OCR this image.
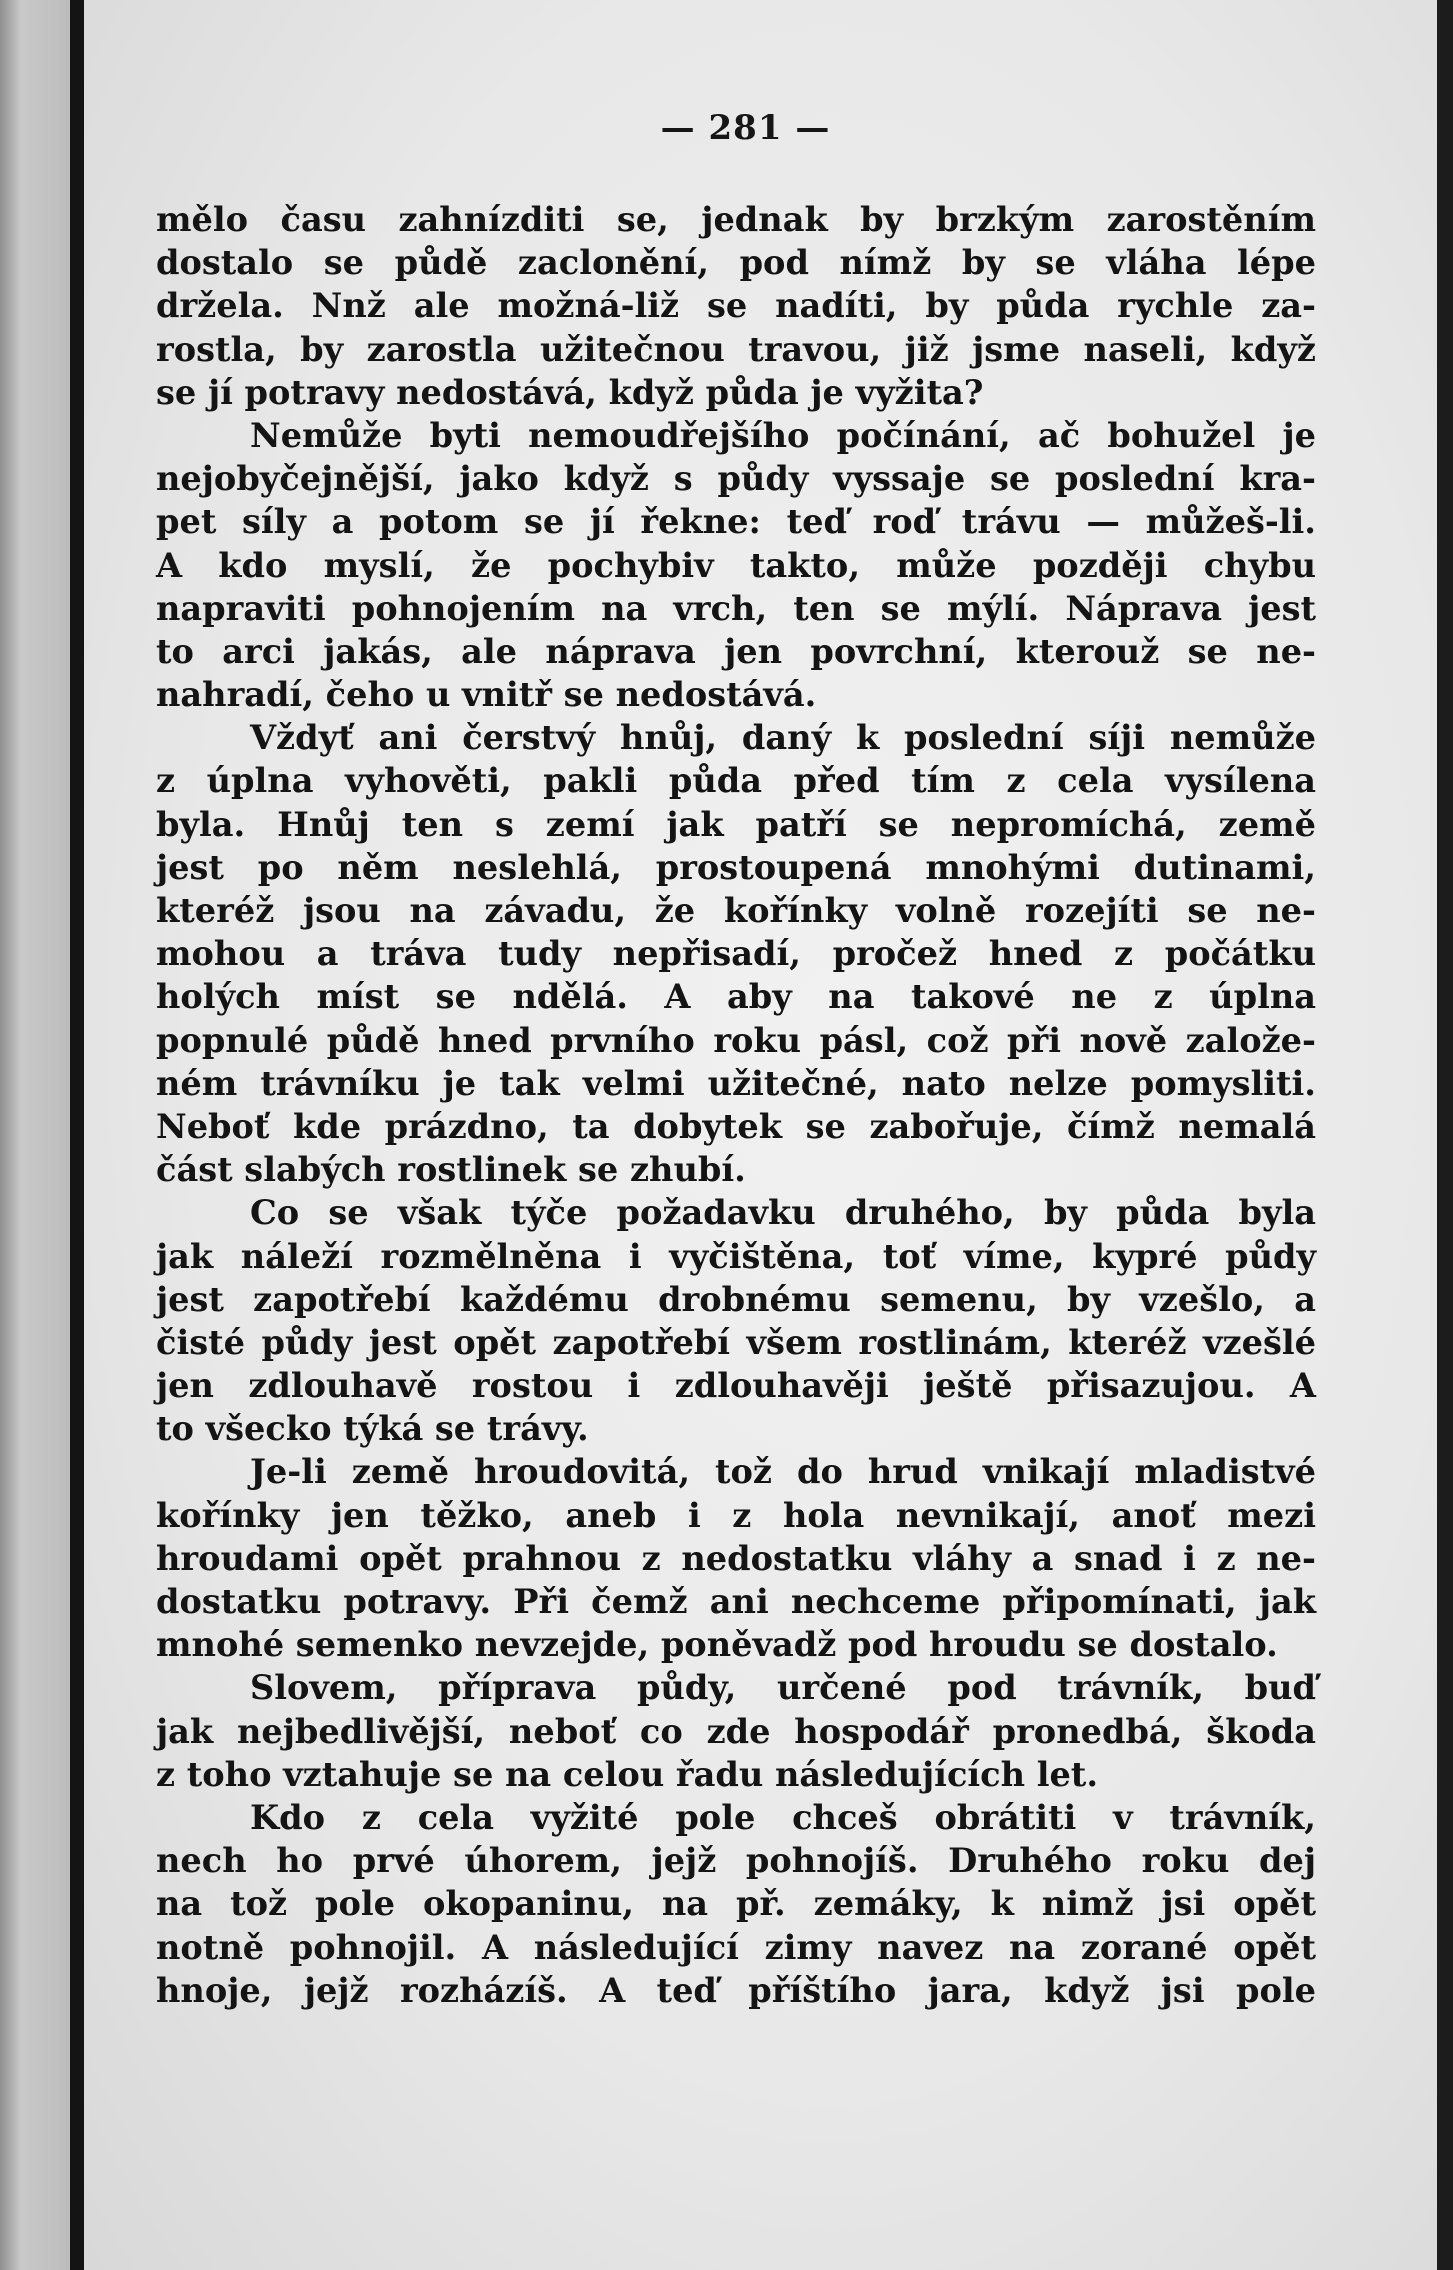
— 281 —
mělo času zahnízditi se, jednak by brzkým zarostěním
dostalo se půdě zaclonění, pod nímž by se vláha lépe
držela. Nnž ale možná-liž se nadíti, by půda rychle za-
rostla, by zarostla užitečnou travou, již jsme naseli, když
se jí potravy nedostává, když půda je vyžita?
Nemůže byti nemoudřejšího počínání, ač bohužel je
nejobyčejnější, jako když s půdy vyssaje se poslední kra-
pet síly a potom se jí řekne: teď roď trávu — můžeš-li.
A kdo myslí, že pochybiv takto, může později chybu
napraviti pohnojením na vrch, ten se mýlí. Náprava jest
to arci jakás, ale náprava jen povrchní, kterouž se ne-
nahradí, čeho u vnitř se nedostává.
Vždyť ani čerstvý hnůj, daný k poslední síji nemůže
z úplna vyhověti, pakli půda před tím z cela vysílena
byla. Hnůj ten s zemí jak patří se nepromíchá, země
jest po něm neslehlá, prostoupená mnohými dutinami,
kteréž jsou na závadu, že kořínky volně rozejíti se ne-
mohou a tráva tudy nepřisadí, pročež hned z počátku
holých míst se ndělá. A aby na takové ne z úplna
popnulé půdě hned prvního roku pásl, což při nově založe-
ném trávníku je tak velmi užitečné, nato nelze pomysliti.
Neboť kde prázdno, ta dobytek se zabořuje, čímž nemalá
část slabých rostlinek se zhubí.
Co se však týče požadavku druhého, by půda byla
jak náleží rozmělněna i vyčištěna, toť víme, kypré půdy
jest zapotřebí každému drobnému semenu, by vzešlo, a
čisté půdy jest opět zapotřebí všem rostlinám, kteréž vzešlé
jen zdlouhavě rostou i zdlouhavěji ještě přisazujou. A
to všecko týká se trávy.
Je-li země hroudovitá, tož do hrud vnikají mladistvé
kořínky jen těžko, aneb i z hola nevnikají, anoť mezi
hroudami opět prahnou z nedostatku vláhy a snad i z ne-
dostatku potravy. Při čemž ani nechceme připomínati, jak
mnohé semenko nevzejde, poněvadž pod hroudu se dostalo.
Slovem, příprava půdy, určené pod trávník, buď
jak nejbedlivější, neboť co zde hospodář pronedbá, škoda
z toho vztahuje se na celou řadu následujících let.
Kdo z cela vyžité pole chceš obrátiti v trávník,
nech ho prvé úhorem, jejž pohnojíš. Druhého roku dej
na tož pole okopaninu, na př. zemáky, k nimž jsi opět
notně pohnojil. A následující zimy navez na zorané opět
hnoje, jejž rozházíš. A teď příštího jara, když jsi pole
